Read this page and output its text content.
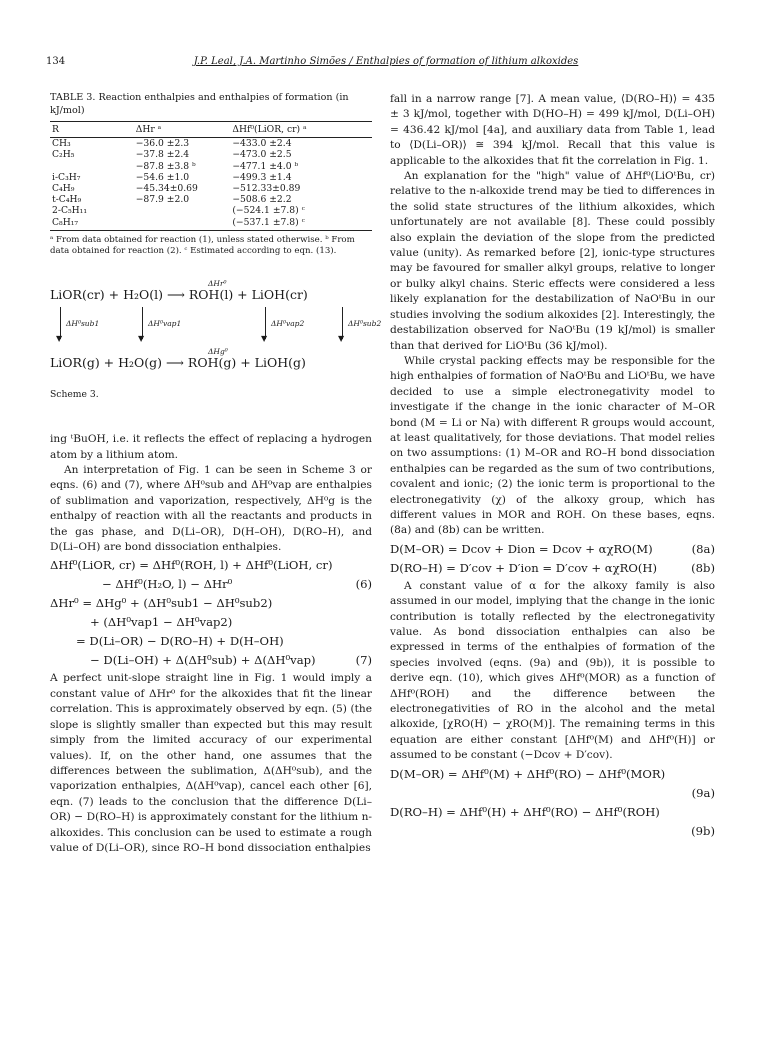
134	J.P. Leal, J.A. Martinho Simões / Enthalpies of formation of lithium alkoxides

TABLE 3. Reaction enthalpies and enthalpies of formation (in kJ/mol)

R	ΔHr ᵃ	ΔHf⁰(LiOR, cr) ᵃ
CH₃	−36.0 ±2.3	−433.0 ±2.4
C₂H₅	−37.8 ±2.4	−473.0 ±2.5
	−87.8 ±3.8 ᵇ	−477.1 ±4.0 ᵇ
i-C₃H₇	−54.6 ±1.0	−499.3 ±1.4
C₄H₉	−45.34±0.69	−512.33±0.89
t-C₄H₉	−87.9 ±2.0	−508.6 ±2.2
2-C₅H₁₁		(−524.1 ±7.8) ᶜ
C₈H₁₇		(−537.1 ±7.8) ᶜ

ᵃ From data obtained for reaction (1), unless stated otherwise. ᵇ From data obtained for reaction (2). ᶜ Estimated according to eqn. (13).

LiOR(cr) + H₂O(l) ⟶ ROH(l) + LiOH(cr)
ΔHr⁰
▼
ΔH⁰sub1
▼
ΔH⁰vap1
▼
ΔH⁰vap2
▼
ΔH⁰sub2
LiOR(g) + H₂O(g) ⟶ ROH(g) + LiOH(g)
ΔHg⁰

Scheme 3.

ing ᵗBuOH, i.e. it reflects the effect of replacing a hydrogen atom by a lithium atom.

An interpretation of Fig. 1 can be seen in Scheme 3 or eqns. (6) and (7), where ΔH⁰sub and ΔH⁰vap are enthalpies of sublimation and vaporization, respectively, ΔH⁰g is the enthalpy of reaction with all the reactants and products in the gas phase, and D(Li–OR), D(H–OH), D(RO–H), and D(Li–OH) are bond dissociation enthalpies.

ΔHf⁰(LiOR, cr) = ΔHf⁰(ROH, l) + ΔHf⁰(LiOH, cr)
− ΔHf⁰(H₂O, l) − ΔHr⁰	(6)
ΔHr⁰ = ΔHg⁰ + (ΔH⁰sub1 − ΔH⁰sub2)
+ (ΔH⁰vap1 − ΔH⁰vap2)
= D(Li–OR) − D(RO–H) + D(H–OH)
− D(Li–OH) + Δ(ΔH⁰sub) + Δ(ΔH⁰vap)	(7)

A perfect unit-slope straight line in Fig. 1 would imply a constant value of ΔHr⁰ for the alkoxides that fit the linear correlation. This is approximately observed by eqn. (5) (the slope is slightly smaller than expected but this may result simply from the limited accuracy of our experimental values). If, on the other hand, one assumes that the differences between the sublimation, Δ(ΔH⁰sub), and the vaporization enthalpies, Δ(ΔH⁰vap), cancel each other [6], eqn. (7) leads to the conclusion that the difference D(Li–OR) − D(RO–H) is approximately constant for the lithium n-alkoxides. This conclusion can be used to estimate a rough value of D(Li–OR), since RO–H bond dissociation enthalpies

fall in a narrow range [7]. A mean value, ⟨D(RO–H)⟩ = 435 ± 3 kJ/mol, together with D(HO–H) = 499 kJ/mol, D(Li–OH) = 436.42 kJ/mol [4a], and auxiliary data from Table 1, lead to ⟨D(Li–OR)⟩ ≅ 394 kJ/mol. Recall that this value is applicable to the alkoxides that fit the correlation in Fig. 1.

An explanation for the "high" value of ΔHf⁰(LiOᵗBu, cr) relative to the n-alkoxide trend may be tied to differences in the solid state structures of the lithium alkoxides, which unfortunately are not available [8]. These could possibly also explain the deviation of the slope from the predicted value (unity). As remarked before [2], ionic-type structures may be favoured for smaller alkyl groups, relative to longer or bulky alkyl chains. Steric effects were considered a less likely explanation for the destabilization of NaOᵗBu in our studies involving the sodium alkoxides [2]. Interestingly, the destabilization observed for NaOᵗBu (19 kJ/mol) is smaller than that derived for LiOᵗBu (36 kJ/mol).

While crystal packing effects may be responsible for the high enthalpies of formation of NaOᵗBu and LiOᵗBu, we have decided to use a simple electronegativity model to investigate if the change in the ionic character of M–OR bond (M = Li or Na) with different R groups would account, at least qualitatively, for those deviations. That model relies on two assumptions: (1) M–OR and RO–H bond dissociation enthalpies can be regarded as the sum of two contributions, covalent and ionic; (2) the ionic term is proportional to the electronegativity (χ) of the alkoxy group, which has different values in MOR and ROH. On these bases, eqns. (8a) and (8b) can be written.

D(M–OR) = Dcov + Dion = Dcov + αχRO(M)	(8a)
D(RO–H) = D′cov + D′ion = D′cov + αχRO(H)	(8b)

A constant value of α for the alkoxy family is also assumed in our model, implying that the change in the ionic contribution is totally reflected by the electronegativity value. As bond dissociation enthalpies can also be expressed in terms of the enthalpies of formation of the species involved (eqns. (9a) and (9b)), it is possible to derive eqn. (10), which gives ΔHf⁰(MOR) as a function of ΔHf⁰(ROH) and the difference between the electronegativities of RO in the alcohol and the metal alkoxide, [χRO(H) − χRO(M)]. The remaining terms in this equation are either constant [ΔHf⁰(M) and ΔHf⁰(H)] or assumed to be constant (−Dcov + D′cov).

D(M–OR) = ΔHf⁰(M) + ΔHf⁰(RO) − ΔHf⁰(MOR)
(9a)
D(RO–H) = ΔHf⁰(H) + ΔHf⁰(RO) − ΔHf⁰(ROH)
(9b)
